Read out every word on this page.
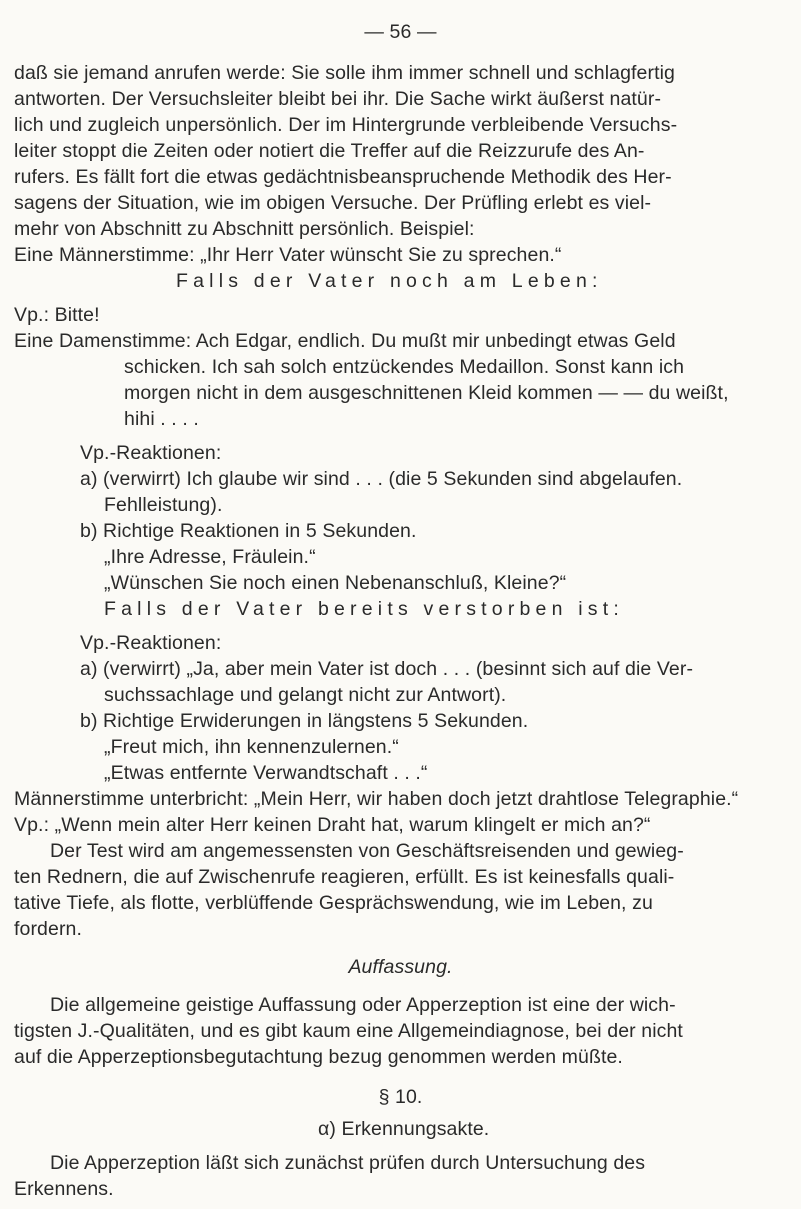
— 56 —
daß sie jemand anrufen werde: Sie solle ihm immer schnell und schlagfertig
antworten. Der Versuchsleiter bleibt bei ihr. Die Sache wirkt äußerst natür-
lich und zugleich unpersönlich. Der im Hintergrunde verbleibende Versuchs-
leiter stoppt die Zeiten oder notiert die Treffer auf die Reizzurufe des An-
rufers. Es fällt fort die etwas gedächtnisbeanspruchende Methodik des Her-
sagens der Situation, wie im obigen Versuche. Der Prüfling erlebt es viel-
mehr von Abschnitt zu Abschnitt persönlich. Beispiel:
Eine Männerstimme: „Ihr Herr Vater wünscht Sie zu sprechen.“
Falls der Vater noch am Leben:
Vp.: Bitte!
Eine Damenstimme: Ach Edgar, endlich. Du mußt mir unbedingt etwas Geld
schicken. Ich sah solch entzückendes Medaillon. Sonst kann ich
morgen nicht in dem ausgeschnittenen Kleid kommen — — du weißt,
hihi . . . .
Vp.-Reaktionen:
a) (verwirrt) Ich glaube wir sind . . . (die 5 Sekunden sind abgelaufen.
Fehlleistung).
b) Richtige Reaktionen in 5 Sekunden.
„Ihre Adresse, Fräulein.“
„Wünschen Sie noch einen Nebenanschluß, Kleine?“
Falls der Vater bereits verstorben ist:
Vp.-Reaktionen:
a) (verwirrt) „Ja, aber mein Vater ist doch . . . (besinnt sich auf die Ver-
suchssachlage und gelangt nicht zur Antwort).
b) Richtige Erwiderungen in längstens 5 Sekunden.
„Freut mich, ihn kennenzulernen.“
„Etwas entfernte Verwandtschaft . . .“
Männerstimme unterbricht: „Mein Herr, wir haben doch jetzt drahtlose Telegraphie.“
Vp.: „Wenn mein alter Herr keinen Draht hat, warum klingelt er mich an?“
Der Test wird am angemessensten von Geschäftsreisenden und gewieg-
ten Rednern, die auf Zwischenrufe reagieren, erfüllt. Es ist keinesfalls quali-
tative Tiefe, als flotte, verblüffende Gesprächswendung, wie im Leben, zu
fordern.
Auffassung.
Die allgemeine geistige Auffassung oder Apperzeption ist eine der wich-
tigsten J.-Qualitäten, und es gibt kaum eine Allgemeindiagnose, bei der nicht
auf die Apperzeptionsbegutachtung bezug genommen werden müßte.
§ 10.
α) Erkennungsakte.
Die Apperzeption läßt sich zunächst prüfen durch Untersuchung des
Erkennens.
